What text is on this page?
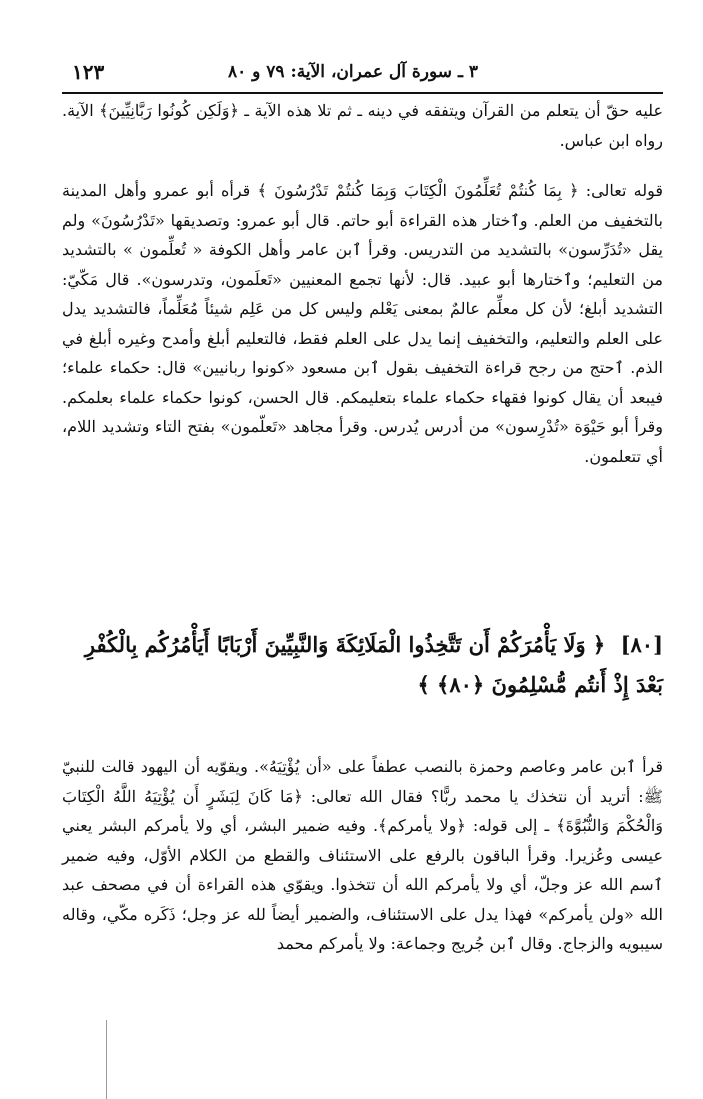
٣ ـ سورة آل عمران، الآية: ٧٩ و ٨٠
١٢٣

عليه حقّ أن يتعلم من القرآن ويتفقه في دينه ـ ثم تلا هذه الآية ـ ﴿وَلَكِن كُونُوا رَبَّانِيِّينَ﴾ الآية. رواه ابن عباس.

قوله تعالى: ﴿ بِمَا كُنتُمْ تُعَلِّمُونَ الْكِتَابَ وَبِمَا كُنتُمْ تَدْرُسُونَ ﴾ قرأه أبو عمرو وأهل المدينة بالتخفيف من العلم. وٱختار هذه القراءة أبو حاتم. قال أبو عمرو: وتصديقها «تَدْرُسُونَ» ولم يقل «تُدَرِّسون» بالتشديد من التدريس. وقرأ ٱبن عامر وأهل الكوفة « تُعلِّمون » بالتشديد من التعليم؛ وٱختارها أبو عبيد. قال: لأنها تجمع المعنيين «تَعلَمون، وتدرسون». قال مَكّيّ: التشديد أبلغ؛ لأن كل معلِّم عالمٌ بمعنى يَعْلم وليس كل من عَلِم شيئاً مُعَلِّماً، فالتشديد يدل على العلم والتعليم، والتخفيف إنما يدل على العلم فقط، فالتعليم أبلغ وأمدح وغيره أبلغ في الذم. ٱحتج من رجح قراءة التخفيف بقول ٱبن مسعود «كونوا ربانيين» قال: حكماء علماء؛ فيبعد أن يقال كونوا فقهاء حكماء علماء بتعليمكم. قال الحسن، كونوا حكماء علماء بعلمكم. وقرأ أبو حَيْوَة «تُدْرِسون» من أدرس يُدرس. وقرأ مجاهد «تَعلّمون» بفتح التاء وتشديد اللام، أي تتعلمون.

[٨٠] ﴿ وَلَا يَأْمُرَكُمْ أَن تَتَّخِذُوا الْمَلَائِكَةَ وَالنَّبِيِّينَ أَرْبَابًا أَيَأْمُرُكُم بِالْكُفْرِ بَعْدَ إِذْ أَنتُم مُّسْلِمُونَ ﴿٨٠﴾ ﴾

قرأ ٱبن عامر وعاصم وحمزة بالنصب عطفاً على «أن يُؤْتِيَهُ». ويقوّيه أن اليهود قالت للنبيّ ﷺ: أتريد أن نتخذك يا محمد ربًّا؟ فقال الله تعالى: ﴿مَا كَانَ لِبَشَرٍ أَن يُؤْتِيَهُ اللَّهُ الْكِتَابَ وَالْحُكْمَ وَالنُّبُوَّةَ﴾ ـ إلى قوله: ﴿ولا يأمركم﴾. وفيه ضمير البشر، أي ولا يأمركم البشر يعني عيسى وعُزيرا. وقرأ الباقون بالرفع على الاستئناف والقطع من الكلام الأوّل، وفيه ضمير ٱسم الله عز وجلّ، أي ولا يأمركم الله أن تتخذوا. ويقوّي هذه القراءة أن في مصحف عبد الله «ولن يأمركم» فهذا يدل على الاستئناف، والضمير أيضاً لله عز وجل؛ ذَكَره مكّي، وقاله سيبويه والزجاج. وقال ٱبن جُريج وجماعة: ولا يأمركم محمد
